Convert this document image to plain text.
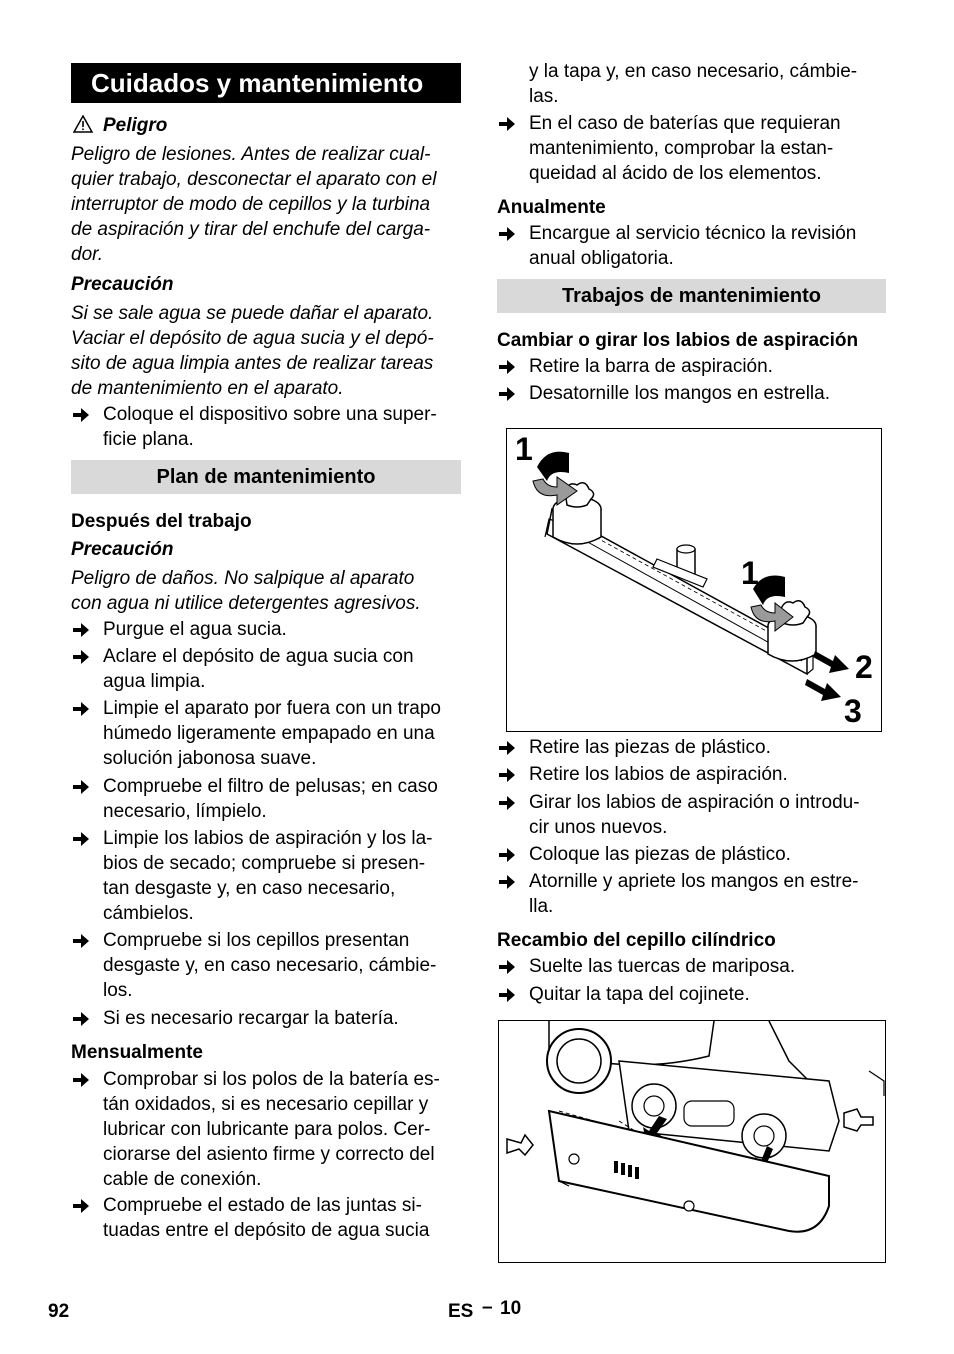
Cuidados y mantenimiento
Peligro
Peligro de lesiones. Antes de realizar cual-
quier trabajo, desconectar el aparato con el
interruptor de modo de cepillos y la turbina
de aspiración y tirar del enchufe del carga-
dor.
Precaución
Si se sale agua se puede dañar el aparato.
Vaciar el depósito de agua sucia y el depó-
sito de agua limpia antes de realizar tareas
de mantenimiento en el aparato.
Coloque el dispositivo sobre una super-
ficie plana.
Plan de mantenimiento
Después del trabajo
Precaución
Peligro de daños. No salpique al aparato
con agua ni utilice detergentes agresivos.
Purgue el agua sucia.
Aclare el depósito de agua sucia con
agua limpia.
Limpie el aparato por fuera con un trapo
húmedo ligeramente empapado en una
solución jabonosa suave.
Compruebe el filtro de pelusas; en caso
necesario, límpielo.
Limpie los labios de aspiración y los la-
bios de secado; compruebe si presen-
tan desgaste y, en caso necesario,
cámbielos.
Compruebe si los cepillos presentan
desgaste y, en caso necesario, cámbie-
los.
Si es necesario recargar la batería.
Mensualmente
Comprobar si los polos de la batería es-
tán oxidados, si es necesario cepillar y
lubricar con lubricante para polos. Cer-
ciorarse del asiento firme y correcto del
cable de conexión.
Compruebe el estado de las juntas si-
tuadas entre el depósito de agua sucia
y la tapa y, en caso necesario, cámbie-
las.
En el caso de baterías que requieran
mantenimiento, comprobar la estan-
queidad al ácido de los elementos.
Anualmente
Encargue al servicio técnico la revisión
anual obligatoria.
Trabajos de mantenimiento
Cambiar o girar los labios de aspiración
Retire la barra de aspiración.
Desatornille los mangos en estrella.
1
1
2
3
Retire las piezas de plástico.
Retire los labios de aspiración.
Girar los labios de aspiración o introdu-
cir unos nuevos.
Coloque las piezas de plástico.
Atornille y apriete los mangos en estre-
lla.
Recambio del cepillo cilíndrico
Suelte las tuercas de mariposa.
Quitar la tapa del cojinete.
92	ES – 10
